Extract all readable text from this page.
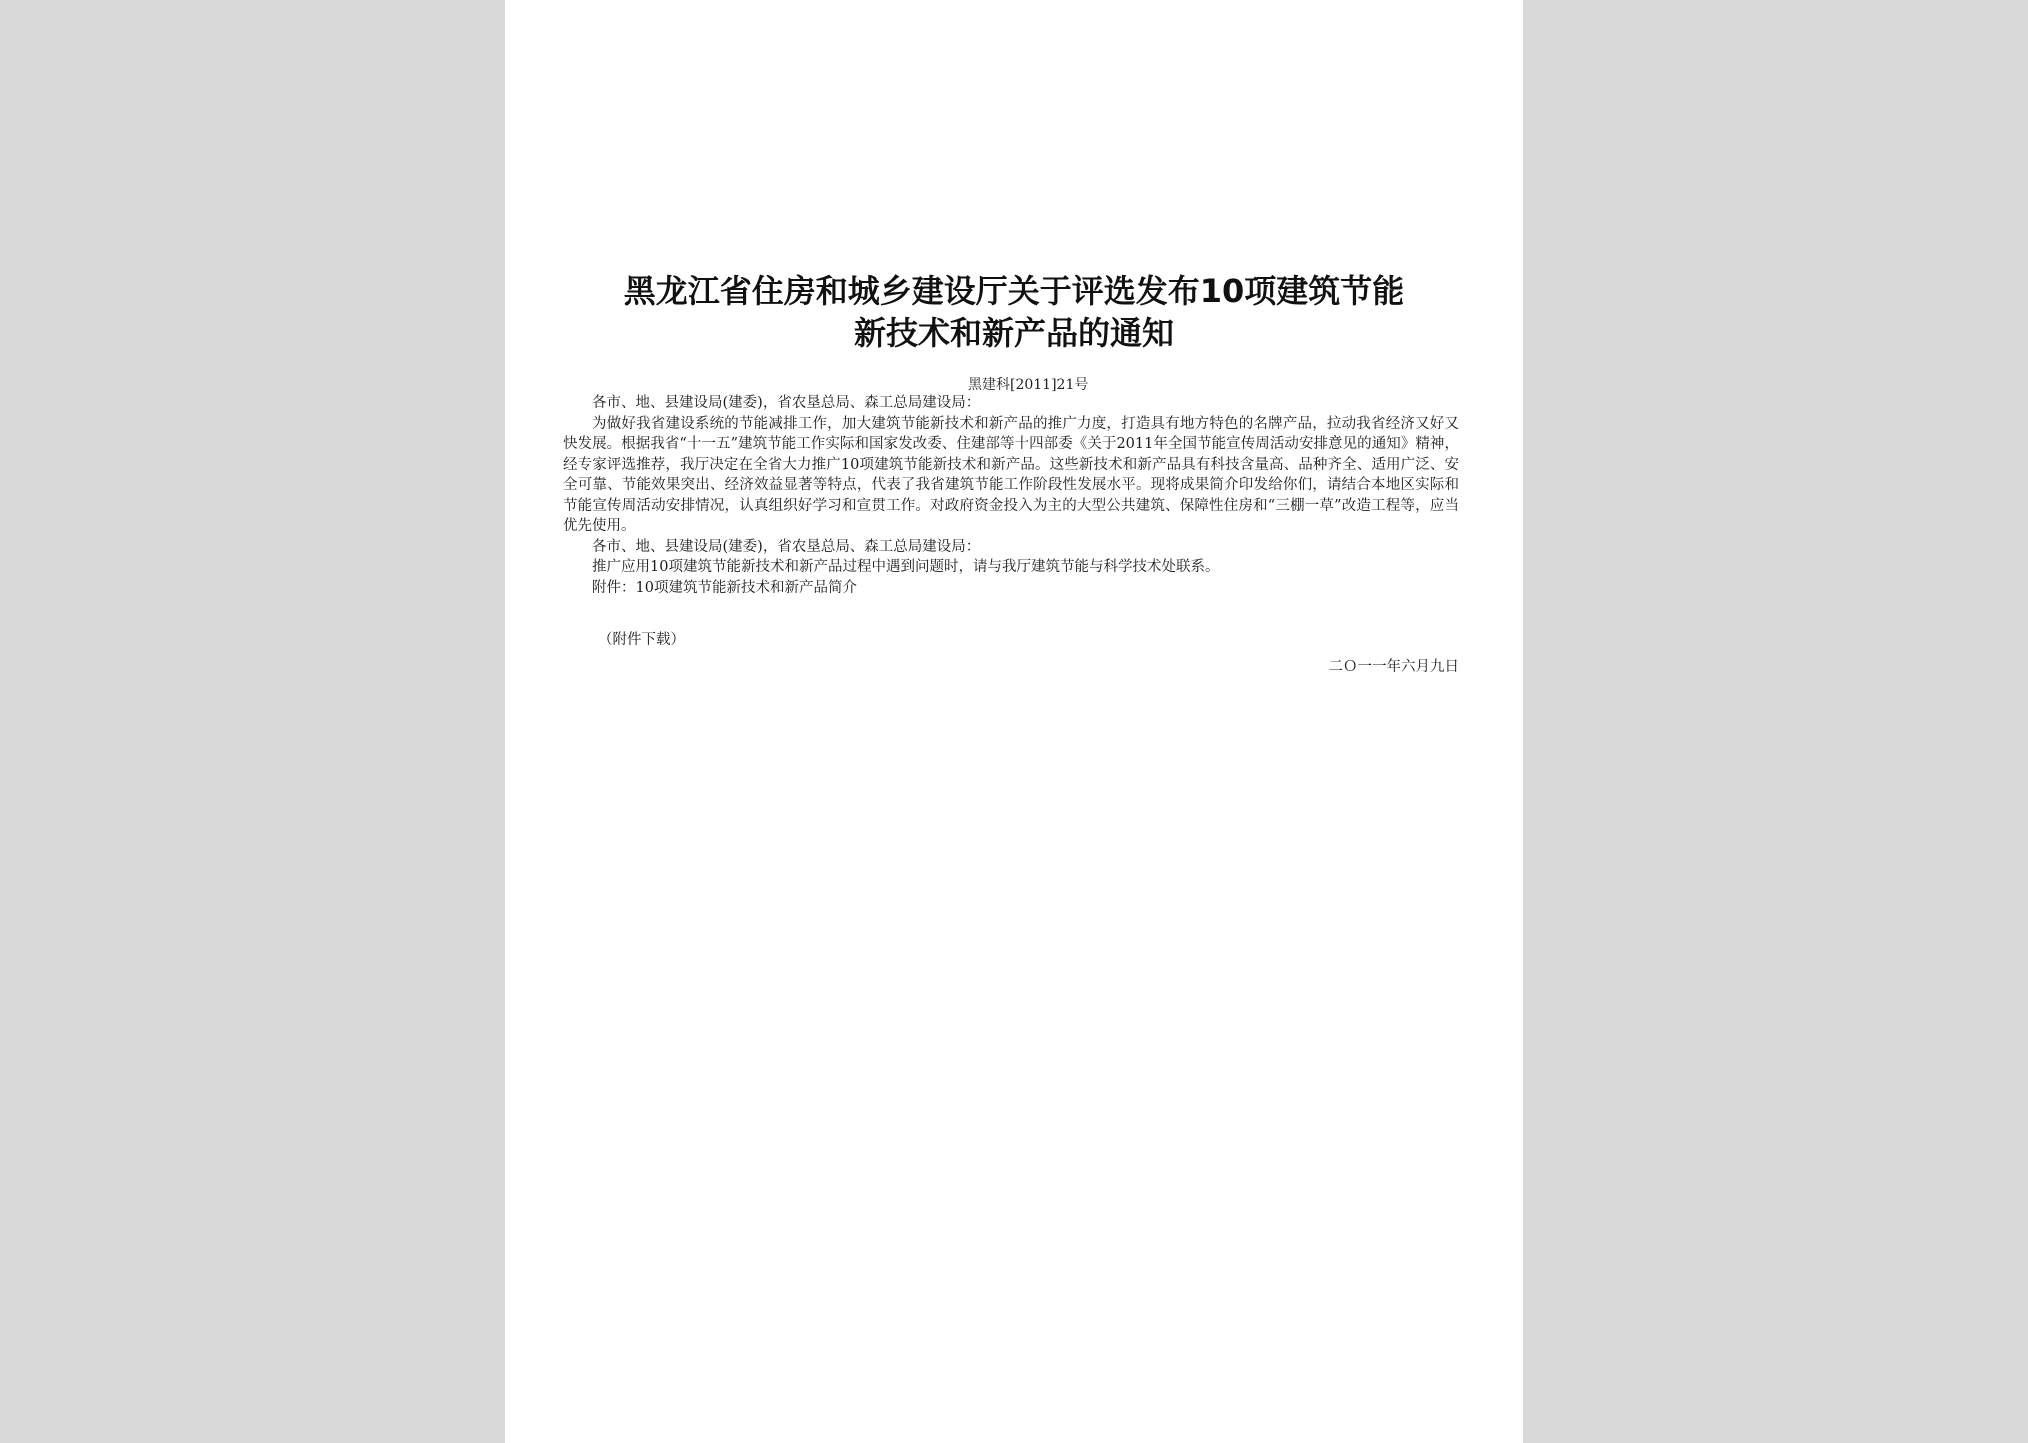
黑龙江省住房和城乡建设厅关于评选发布10项建筑节能
新技术和新产品的通知
黑建科[2011]21号

各市、地、县建设局(建委)，省农垦总局、森工总局建设局：

为做好我省建设系统的节能减排工作，加大建筑节能新技术和新产品的推广力度，打造具有地方特色的名牌产品，拉动我省经济又好又快发展。根据我省“十一五”建筑节能工作实际和国家发改委、住建部等十四部委《关于2011年全国节能宣传周活动安排意见的通知》精神，经专家评选推荐，我厅决定在全省大力推广10项建筑节能新技术和新产品。这些新技术和新产品具有科技含量高、品种齐全、适用广泛、安全可靠、节能效果突出、经济效益显著等特点，代表了我省建筑节能工作阶段性发展水平。现将成果简介印发给你们，请结合本地区实际和节能宣传周活动安排情况，认真组织好学习和宣贯工作。对政府资金投入为主的大型公共建筑、保障性住房和“三棚一草”改造工程等，应当优先使用。

各市、地、县建设局(建委)，省农垦总局、森工总局建设局：

推广应用10项建筑节能新技术和新产品过程中遇到问题时，请与我厅建筑节能与科学技术处联系。

附件：10项建筑节能新技术和新产品简介

（附件下载）
二Ｏ一一年六月九日
